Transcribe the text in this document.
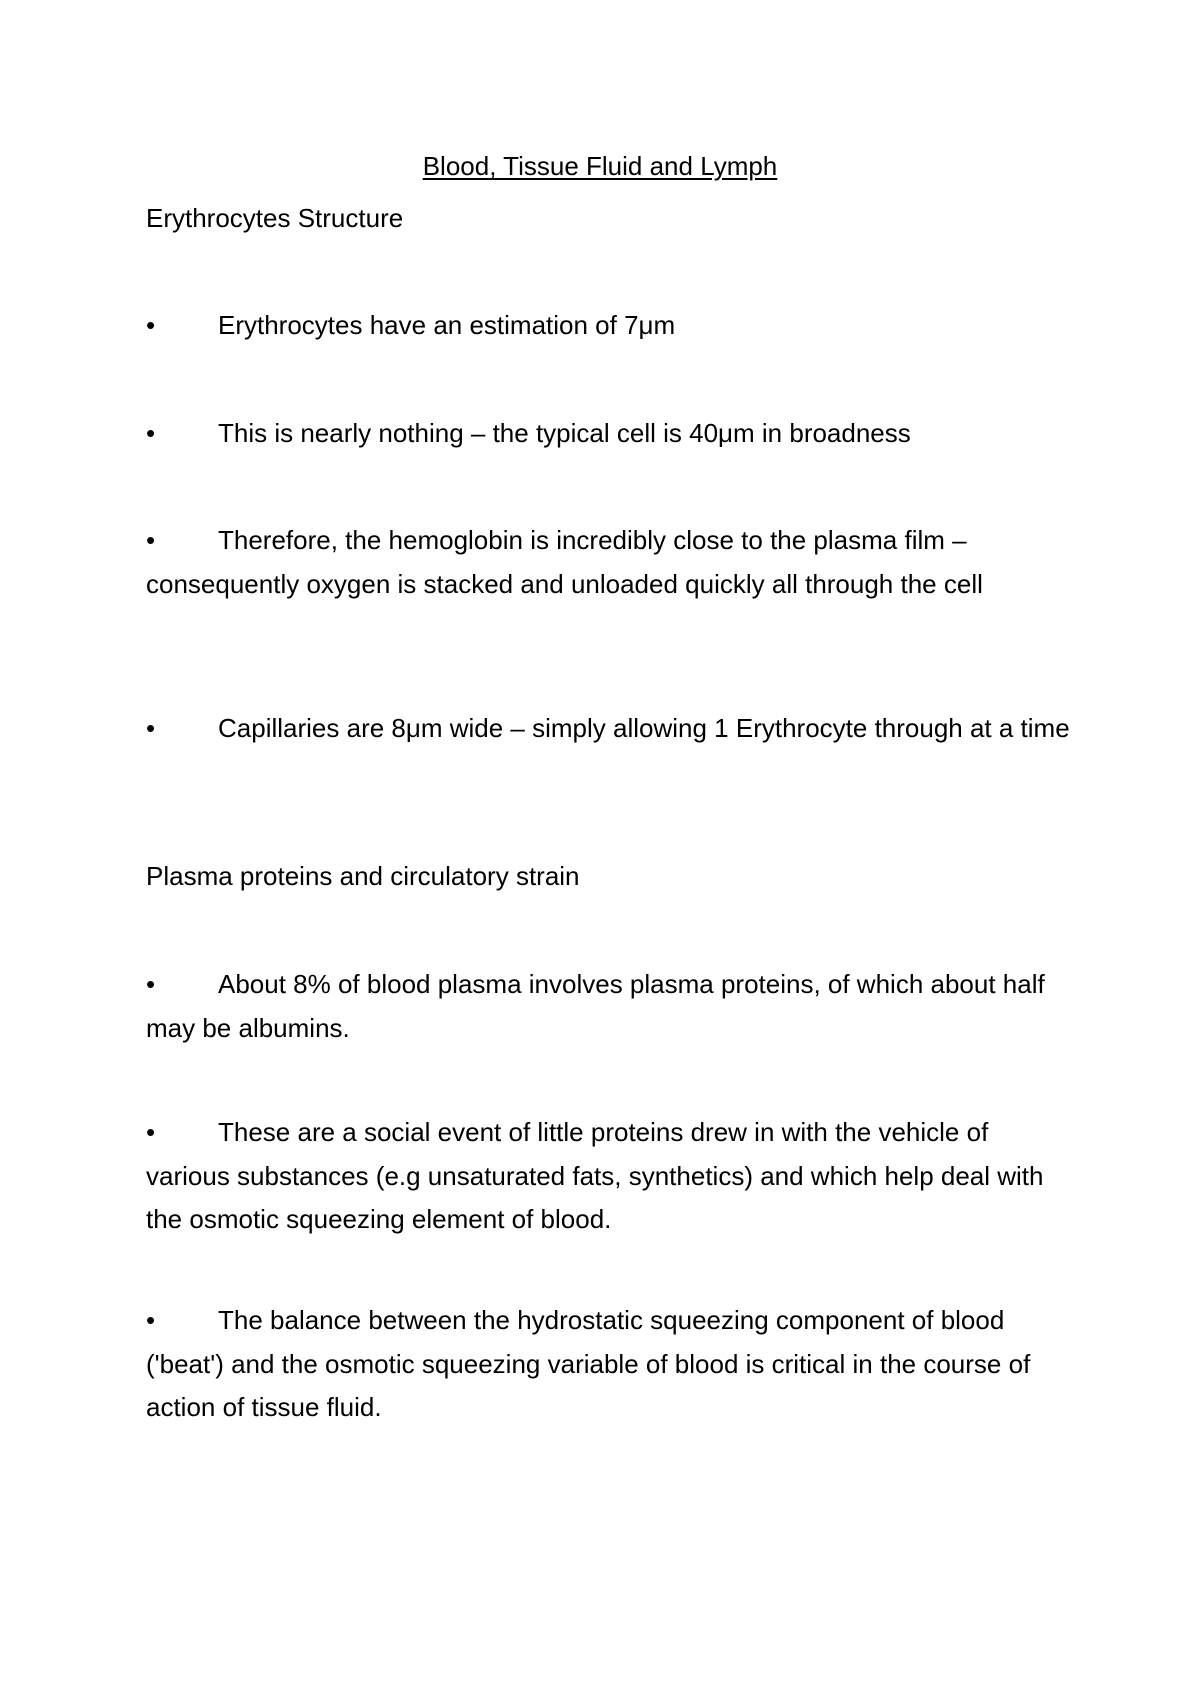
Blood, Tissue Fluid and Lymph
Erythrocytes Structure
• Erythrocytes have an estimation of 7μm
• This is nearly nothing – the typical cell is 40μm in broadness
• Therefore, the hemoglobin is incredibly close to the plasma film – consequently oxygen is stacked and unloaded quickly all through the cell
• Capillaries are 8μm wide – simply allowing 1 Erythrocyte through at a time
Plasma proteins and circulatory strain
• About 8% of blood plasma involves plasma proteins, of which about half may be albumins.
• These are a social event of little proteins drew in with the vehicle of various substances (e.g unsaturated fats, synthetics) and which help deal with the osmotic squeezing element of blood.
• The balance between the hydrostatic squeezing component of blood ('beat') and the osmotic squeezing variable of blood is critical in the course of action of tissue fluid.
